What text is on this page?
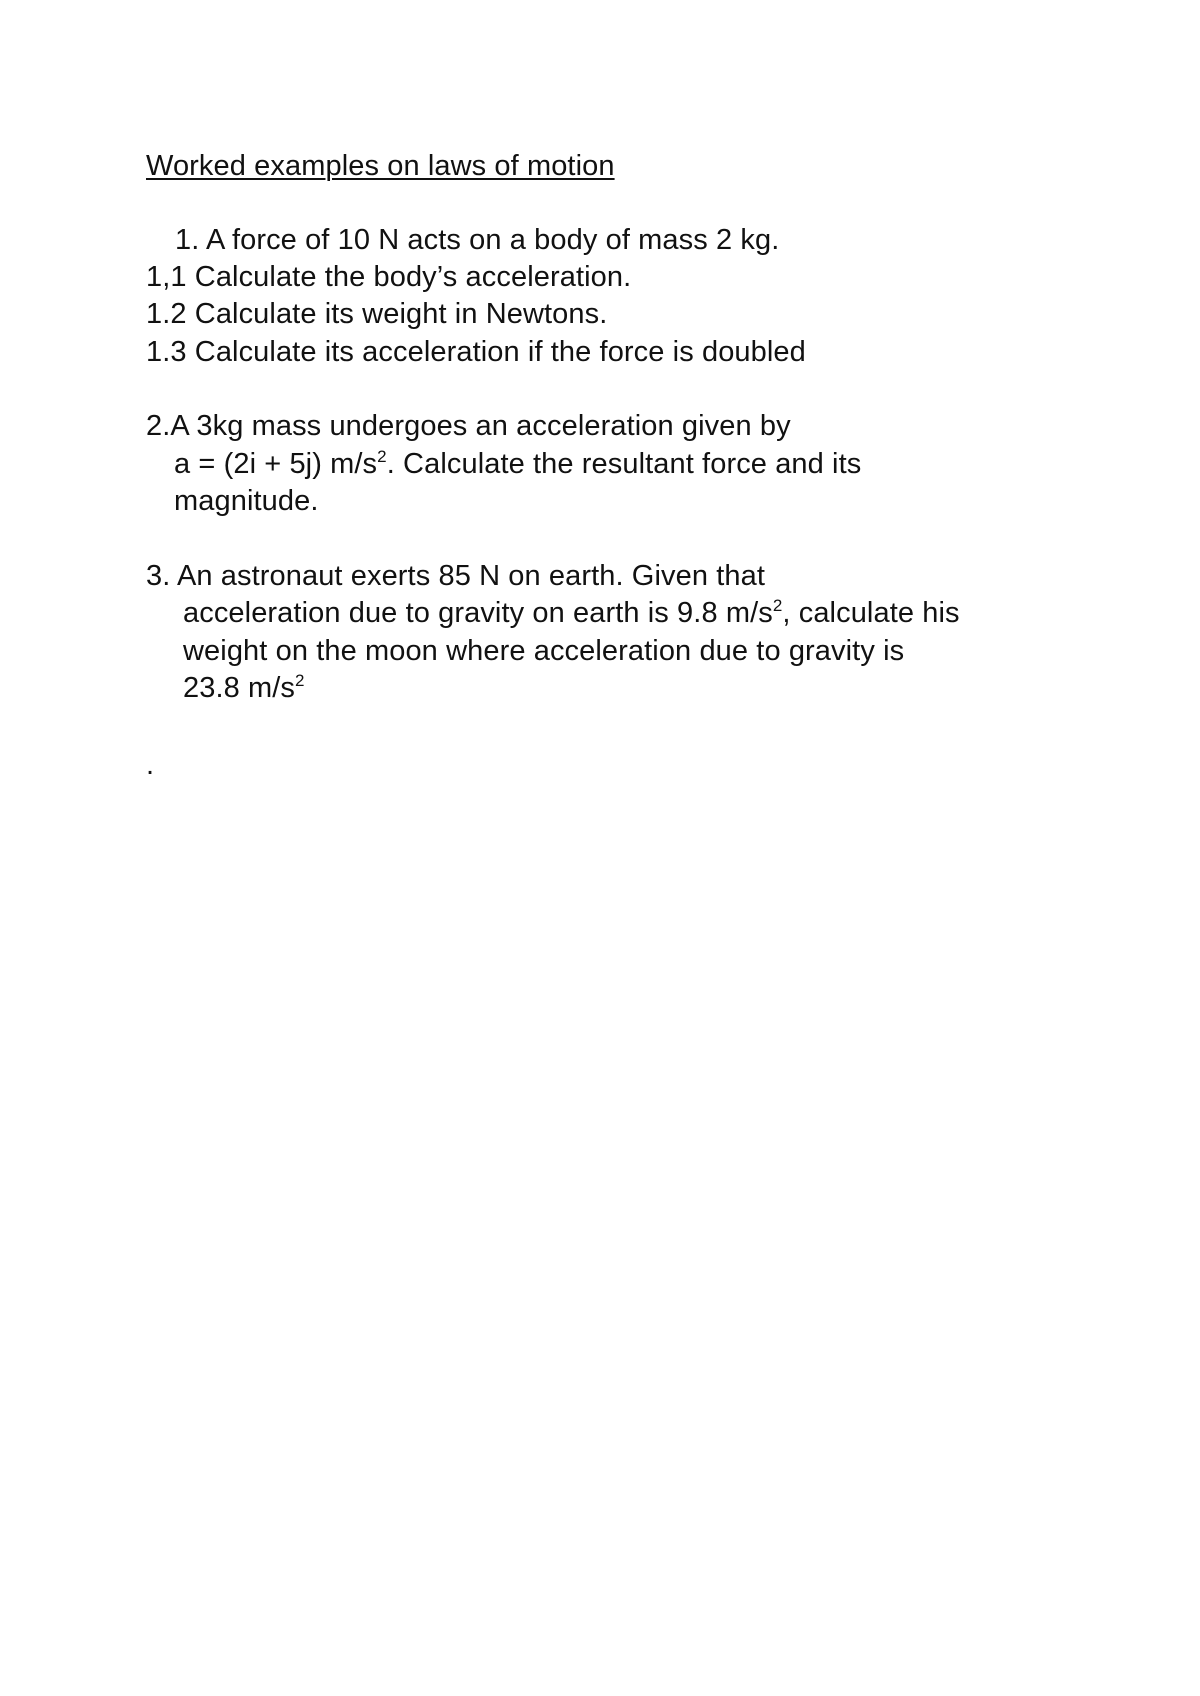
Worked examples on laws of motion
1. A force of 10 N acts on a body of mass 2 kg.
1,1 Calculate the body’s acceleration.
1.2 Calculate its weight in Newtons.
1.3 Calculate its acceleration if the force is doubled
2.A 3kg mass undergoes an acceleration given by
a = (2i + 5j) $m/s^2$. Calculate the resultant force and its
magnitude.
3. An astronaut exerts 85 N on earth. Given that
acceleration due to gravity on earth is 9.8 $m/s^2$, calculate his
weight on the moon where acceleration due to gravity is
23.8 $m/s^2$
.
